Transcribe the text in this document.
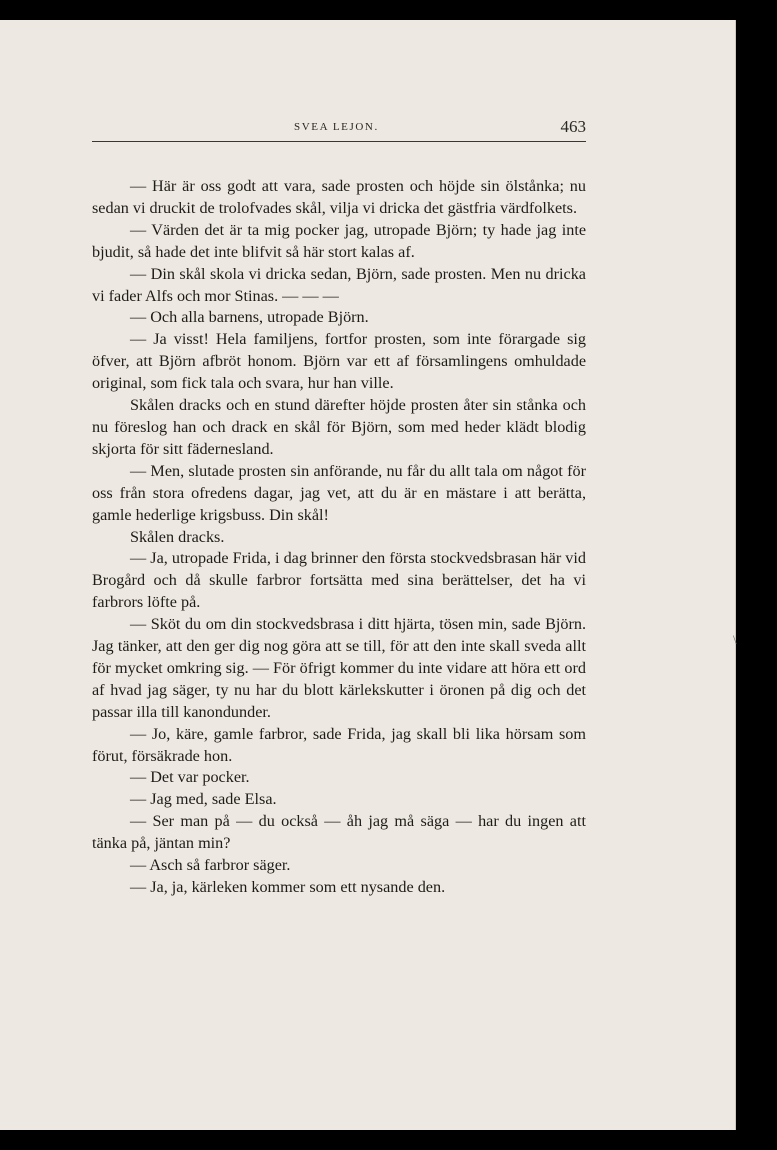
SVEA LEJON.	463

— Här är oss godt att vara, sade prosten och höjde sin ölstånka; nu sedan vi druckit de trolofvades skål, vilja vi dricka det gästfria värdfolkets.

— Värden det är ta mig pocker jag, utropade Björn; ty hade jag inte bjudit, så hade det inte blifvit så här stort kalas af.

— Din skål skola vi dricka sedan, Björn, sade prosten. Men nu dricka vi fader Alfs och mor Stinas. — — —

— Och alla barnens, utropade Björn.

— Ja visst! Hela familjens, fortfor prosten, som inte förargade sig öfver, att Björn afbröt honom. Björn var ett af församlingens omhuldade original, som fick tala och svara, hur han ville.

Skålen dracks och en stund därefter höjde prosten åter sin stånka och nu föreslog han och drack en skål för Björn, som med heder klädt blodig skjorta för sitt fädernesland.

— Men, slutade prosten sin anförande, nu får du allt tala om något för oss från stora ofredens dagar, jag vet, att du är en mästare i att berätta, gamle hederlige krigsbuss. Din skål!

Skålen dracks.

— Ja, utropade Frida, i dag brinner den första stockvedsbrasan här vid Brogård och då skulle farbror fortsätta med sina berättelser, det ha vi farbrors löfte på.

— Sköt du om din stockvedsbrasa i ditt hjärta, tösen min, sade Björn. Jag tänker, att den ger dig nog göra att se till, för att den inte skall sveda allt för mycket omkring sig. — För öfrigt kommer du inte vidare att höra ett ord af hvad jag säger, ty nu har du blott kärlekskutter i öronen på dig och det passar illa till kanondunder.

— Jo, käre, gamle farbror, sade Frida, jag skall bli lika hörsam som förut, försäkrade hon.

— Det var pocker.

— Jag med, sade Elsa.

— Ser man på — du också — åh jag må säga — har du ingen att tänka på, jäntan min?

— Asch så farbror säger.

— Ja, ja, kärleken kommer som ett nysande den.

\
